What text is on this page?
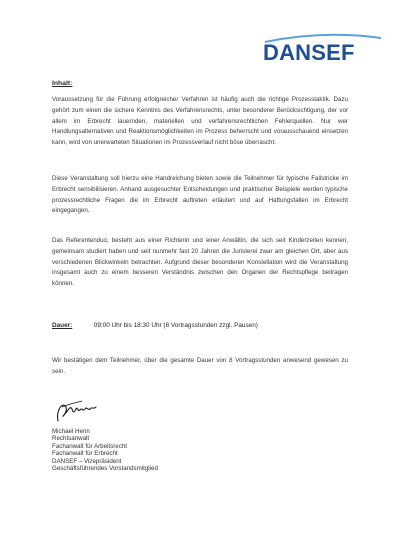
DANSEF
Inhalt:
Voraussetzung für die Führung erfolgreicher Verfahren ist häufig auch die richtige Prozesstaktik. Dazu gehört zum einen die sichere Kenntnis des Verfahrensrechts, unter besonderer Berücksichtigung, der vor allem im Erbrecht lauernden, materiellen und verfahrensrechtlichen Fehlerquellen. Nur wer Handlungsalternativen und Reaktionsmöglichkeiten im Prozess beherrscht und vorausschauend einsetzen kann, wird von unerwarteten Situationen im Prozessverlauf nicht böse überrascht.
Diese Veranstaltung soll hierzu eine Handreichung bieten sowie die Teilnehmer für typische Fallstricke im Erbrecht sensibilisieren. Anhand ausgesuchter Entscheidungen und praktischer Beispiele werden typische prozessrechtliche Fragen die im Erbrecht auftreten erläutert und auf Haftungsfallen im Erbrecht eingegangen.
Das Referentenduo, besteht aus einer Richterin und einer Anwältin, die sich seit Kinderzeiten kennen, gemeinsam studiert haben und seit nunmehr fast 20 Jahren die Juristerei zwar am gleichen Ort, aber aus verschiedenen Blickwinkeln betrachten. Aufgrund dieser besonderen Konstellation wird die Veranstaltung insgesamt auch zu einem besseren Verständnis zwischen den Organen der Rechtspflege beitragen können.
Dauer:	09:00 Uhr bis 18:30 Uhr (8 Vortragsstunden zzgl. Pausen)
Wir bestätigen dem Teilnehmer, über die gesamte Dauer von 8 Vortragsstunden anwesend gewesen zu sein.
Michael Henn
Rechtsanwalt
Fachanwalt für Arbeitsrecht
Fachanwalt für Erbrecht
DANSEF – Vizepräsident
Geschäftsführendes Vorstandsmitglied
